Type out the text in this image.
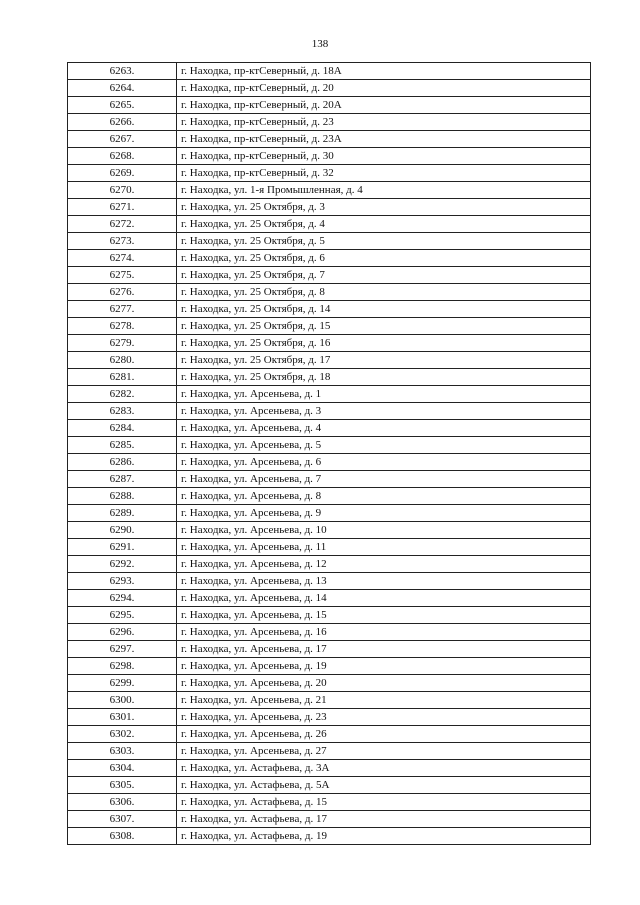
138
6263.	г. Находка, пр-ктСеверный, д. 18А
6264.	г. Находка, пр-ктСеверный, д. 20
6265.	г. Находка, пр-ктСеверный, д. 20А
6266.	г. Находка, пр-ктСеверный, д. 23
6267.	г. Находка, пр-ктСеверный, д. 23А
6268.	г. Находка, пр-ктСеверный, д. 30
6269.	г. Находка, пр-ктСеверный, д. 32
6270.	г. Находка, ул. 1-я Промышленная, д. 4
6271.	г. Находка, ул. 25 Октября, д. 3
6272.	г. Находка, ул. 25 Октября, д. 4
6273.	г. Находка, ул. 25 Октября, д. 5
6274.	г. Находка, ул. 25 Октября, д. 6
6275.	г. Находка, ул. 25 Октября, д. 7
6276.	г. Находка, ул. 25 Октября, д. 8
6277.	г. Находка, ул. 25 Октября, д. 14
6278.	г. Находка, ул. 25 Октября, д. 15
6279.	г. Находка, ул. 25 Октября, д. 16
6280.	г. Находка, ул. 25 Октября, д. 17
6281.	г. Находка, ул. 25 Октября, д. 18
6282.	г. Находка, ул. Арсеньева, д. 1
6283.	г. Находка, ул. Арсеньева, д. 3
6284.	г. Находка, ул. Арсеньева, д. 4
6285.	г. Находка, ул. Арсеньева, д. 5
6286.	г. Находка, ул. Арсеньева, д. 6
6287.	г. Находка, ул. Арсеньева, д. 7
6288.	г. Находка, ул. Арсеньева, д. 8
6289.	г. Находка, ул. Арсеньева, д. 9
6290.	г. Находка, ул. Арсеньева, д. 10
6291.	г. Находка, ул. Арсеньева, д. 11
6292.	г. Находка, ул. Арсеньева, д. 12
6293.	г. Находка, ул. Арсеньева, д. 13
6294.	г. Находка, ул. Арсеньева, д. 14
6295.	г. Находка, ул. Арсеньева, д. 15
6296.	г. Находка, ул. Арсеньева, д. 16
6297.	г. Находка, ул. Арсеньева, д. 17
6298.	г. Находка, ул. Арсеньева, д. 19
6299.	г. Находка, ул. Арсеньева, д. 20
6300.	г. Находка, ул. Арсеньева, д. 21
6301.	г. Находка, ул. Арсеньева, д. 23
6302.	г. Находка, ул. Арсеньева, д. 26
6303.	г. Находка, ул. Арсеньева, д. 27
6304.	г. Находка, ул. Астафьева, д. 3А
6305.	г. Находка, ул. Астафьева, д. 5А
6306.	г. Находка, ул. Астафьева, д. 15
6307.	г. Находка, ул. Астафьева, д. 17
6308.	г. Находка, ул. Астафьева, д. 19
